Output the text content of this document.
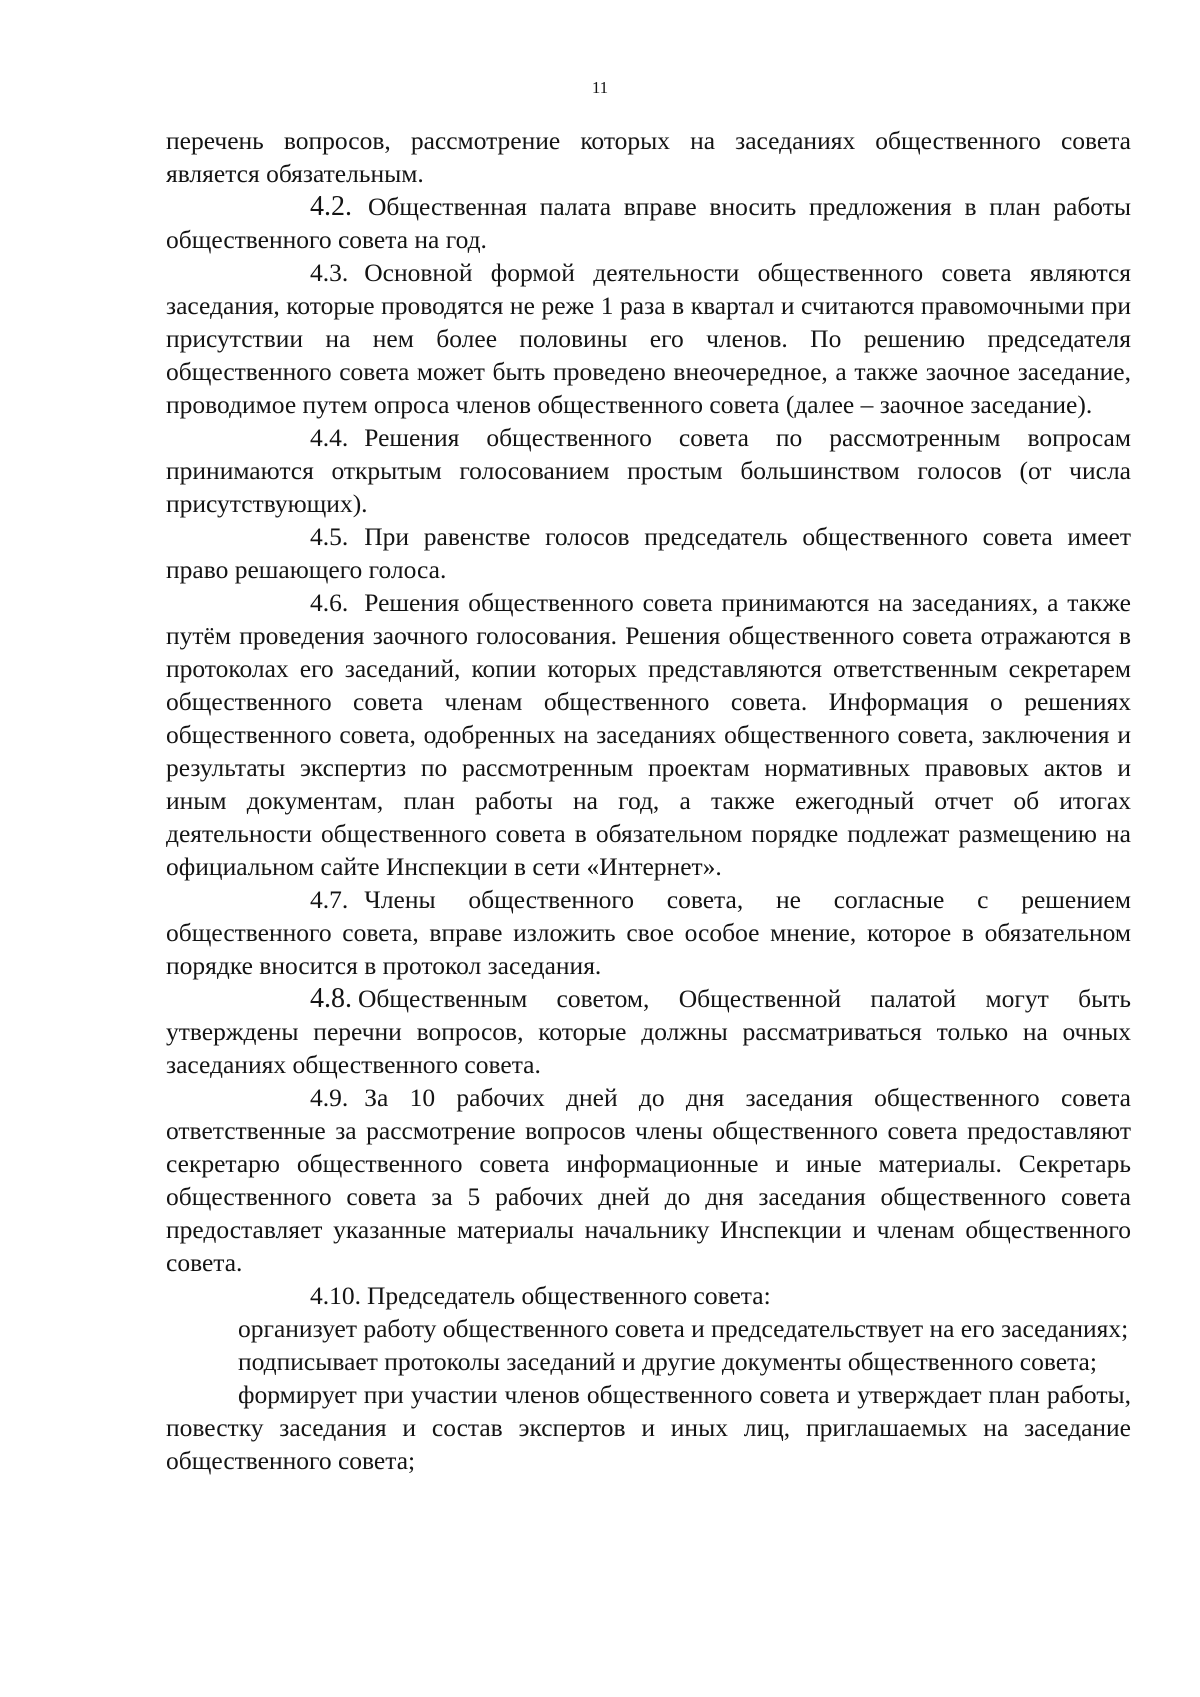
11

перечень вопросов, рассмотрение которых на заседаниях общественного совета является обязательным.

4.2. Общественная палата вправе вносить предложения в план работы общественного совета на год.

4.3. Основной формой деятельности общественного совета являются заседания, которые проводятся не реже 1 раза в квартал и считаются правомочными при присутствии на нем более половины его членов. По решению председателя общественного совета может быть проведено внеочередное, а также заочное заседание, проводимое путем опроса членов общественного совета (далее – заочное заседание).

4.4. Решения общественного совета по рассмотренным вопросам принимаются открытым голосованием простым большинством голосов (от числа присутствующих).

4.5. При равенстве голосов председатель общественного совета имеет право решающего голоса.

4.6. Решения общественного совета принимаются на заседаниях, а также путём проведения заочного голосования. Решения общественного совета отражаются в протоколах его заседаний, копии которых представляются ответственным секретарем общественного совета членам общественного совета. Информация о решениях общественного совета, одобренных на заседаниях общественного совета, заключения и результаты экспертиз по рассмотренным проектам нормативных правовых актов и иным документам, план работы на год, а также ежегодный отчет об итогах деятельности общественного совета в обязательном порядке подлежат размещению на официальном сайте Инспекции в сети «Интернет».

4.7. Члены общественного совета, не согласные с решением общественного совета, вправе изложить свое особое мнение, которое в обязательном порядке вносится в протокол заседания.

4.8. Общественным советом, Общественной палатой могут быть утверждены перечни вопросов, которые должны рассматриваться только на очных заседаниях общественного совета.

4.9. За 10 рабочих дней до дня заседания общественного совета ответственные за рассмотрение вопросов члены общественного совета предоставляют секретарю общественного совета информационные и иные материалы. Секретарь общественного совета за 5 рабочих дней до дня заседания общественного совета предоставляет указанные материалы начальнику Инспекции и членам общественного совета.

4.10. Председатель общественного совета:

организует работу общественного совета и председательствует на его заседаниях;

подписывает протоколы заседаний и другие документы общественного совета;

формирует при участии членов общественного совета и утверждает план работы, повестку заседания и состав экспертов и иных лиц, приглашаемых на заседание общественного совета;
